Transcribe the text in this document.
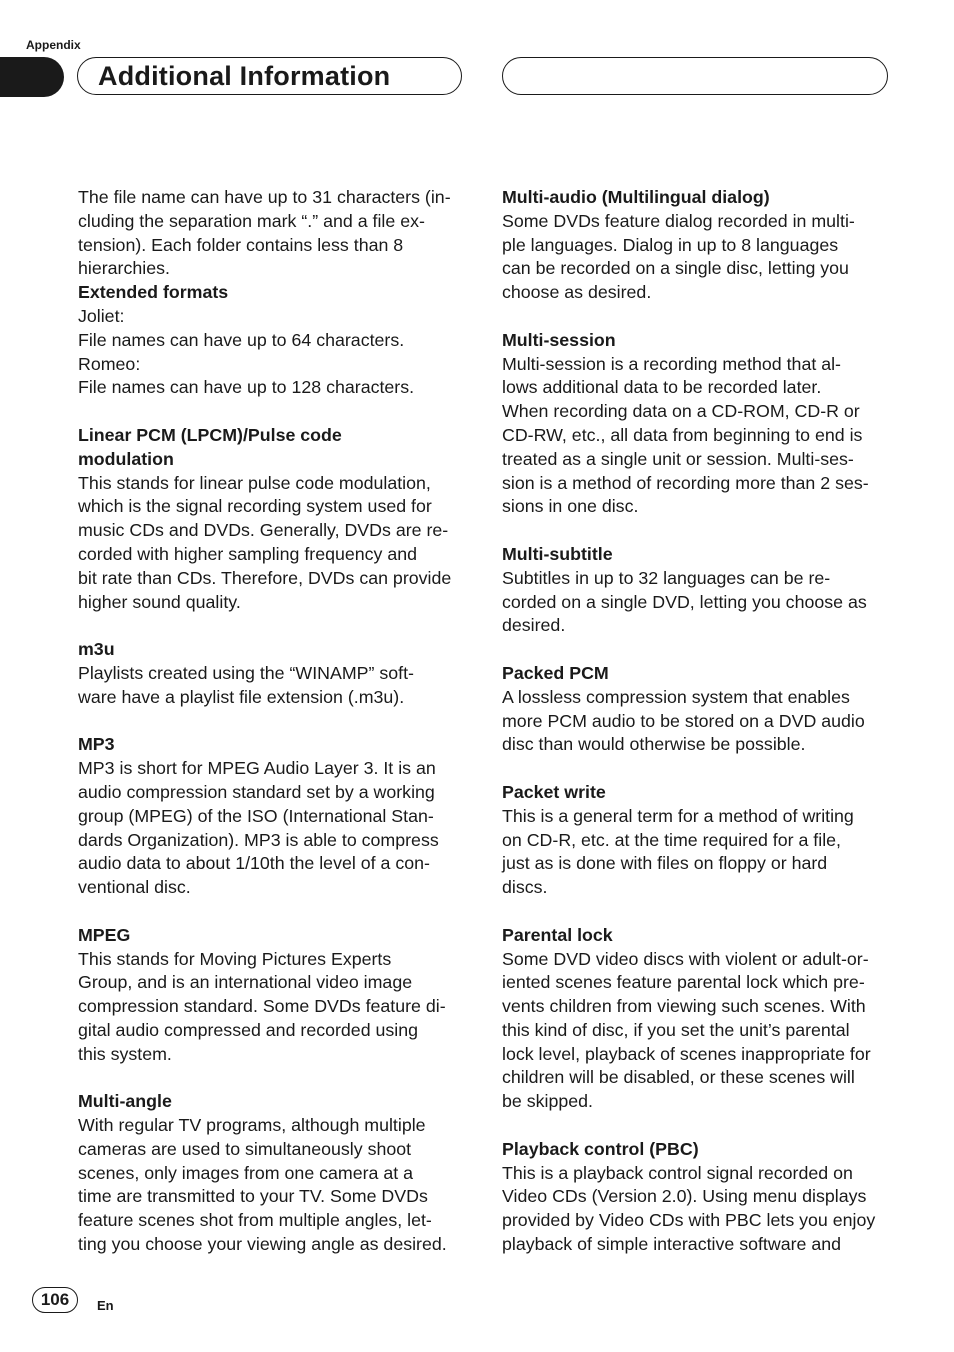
Appendix
Additional Information

The file name can have up to 31 characters (in-
cluding the separation mark “.” and a file ex-
tension). Each folder contains less than 8
hierarchies.

Extended formats

Joliet:
File names can have up to 64 characters.
Romeo:
File names can have up to 128 characters.

Linear PCM (LPCM)/Pulse code
modulation

This stands for linear pulse code modulation,
which is the signal recording system used for
music CDs and DVDs. Generally, DVDs are re-
corded with higher sampling frequency and
bit rate than CDs. Therefore, DVDs can provide
higher sound quality.

m3u

Playlists created using the “WINAMP” soft-
ware have a playlist file extension (.m3u).

MP3

MP3 is short for MPEG Audio Layer 3. It is an
audio compression standard set by a working
group (MPEG) of the ISO (International Stan-
dards Organization). MP3 is able to compress
audio data to about 1/10th the level of a con-
ventional disc.

MPEG

This stands for Moving Pictures Experts
Group, and is an international video image
compression standard. Some DVDs feature di-
gital audio compressed and recorded using
this system.

Multi-angle

With regular TV programs, although multiple
cameras are used to simultaneously shoot
scenes, only images from one camera at a
time are transmitted to your TV. Some DVDs
feature scenes shot from multiple angles, let-
ting you choose your viewing angle as desired.

Multi-audio (Multilingual dialog)

Some DVDs feature dialog recorded in multi-
ple languages. Dialog in up to 8 languages
can be recorded on a single disc, letting you
choose as desired.

Multi-session

Multi-session is a recording method that al-
lows additional data to be recorded later.
When recording data on a CD-ROM, CD-R or
CD-RW, etc., all data from beginning to end is
treated as a single unit or session. Multi-ses-
sion is a method of recording more than 2 ses-
sions in one disc.

Multi-subtitle

Subtitles in up to 32 languages can be re-
corded on a single DVD, letting you choose as
desired.

Packed PCM

A lossless compression system that enables
more PCM audio to be stored on a DVD audio
disc than would otherwise be possible.

Packet write

This is a general term for a method of writing
on CD-R, etc. at the time required for a file,
just as is done with files on floppy or hard
discs.

Parental lock

Some DVD video discs with violent or adult-or-
iented scenes feature parental lock which pre-
vents children from viewing such scenes. With
this kind of disc, if you set the unit’s parental
lock level, playback of scenes inappropriate for
children will be disabled, or these scenes will
be skipped.

Playback control (PBC)

This is a playback control signal recorded on
Video CDs (Version 2.0). Using menu displays
provided by Video CDs with PBC lets you enjoy
playback of simple interactive software and

106	En
